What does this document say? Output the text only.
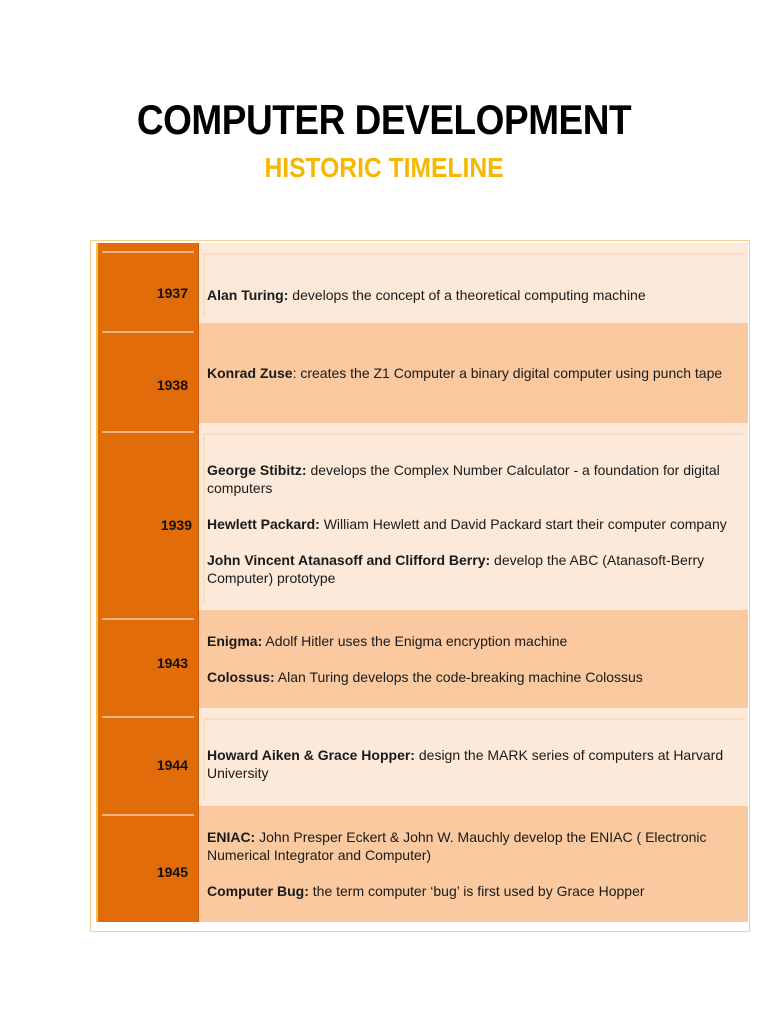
COMPUTER DEVELOPMENT
HISTORIC TIMELINE
1937	Alan Turing: develops the concept of a theoretical computing machine

1938

Konrad Zuse: creates the Z1 Computer a binary digital computer using punch tape

1939

George Stibitz: develops the Complex Number Calculator - a foundation for digital computers

Hewlett Packard: William Hewlett and David Packard start their computer company

John Vincent Atanasoff and Clifford Berry: develop the ABC (Atanasoft-Berry Computer) prototype

1943

Enigma: Adolf Hitler uses the Enigma encryption machine

Colossus: Alan Turing develops the code-breaking machine Colossus

1944

Howard Aiken & Grace Hopper: design the MARK series of computers at Harvard University

1945

ENIAC: John Presper Eckert & John W. Mauchly develop the ENIAC ( Electronic Numerical Integrator and Computer)

Computer Bug: the term computer ‘bug’ is first used by Grace Hopper
